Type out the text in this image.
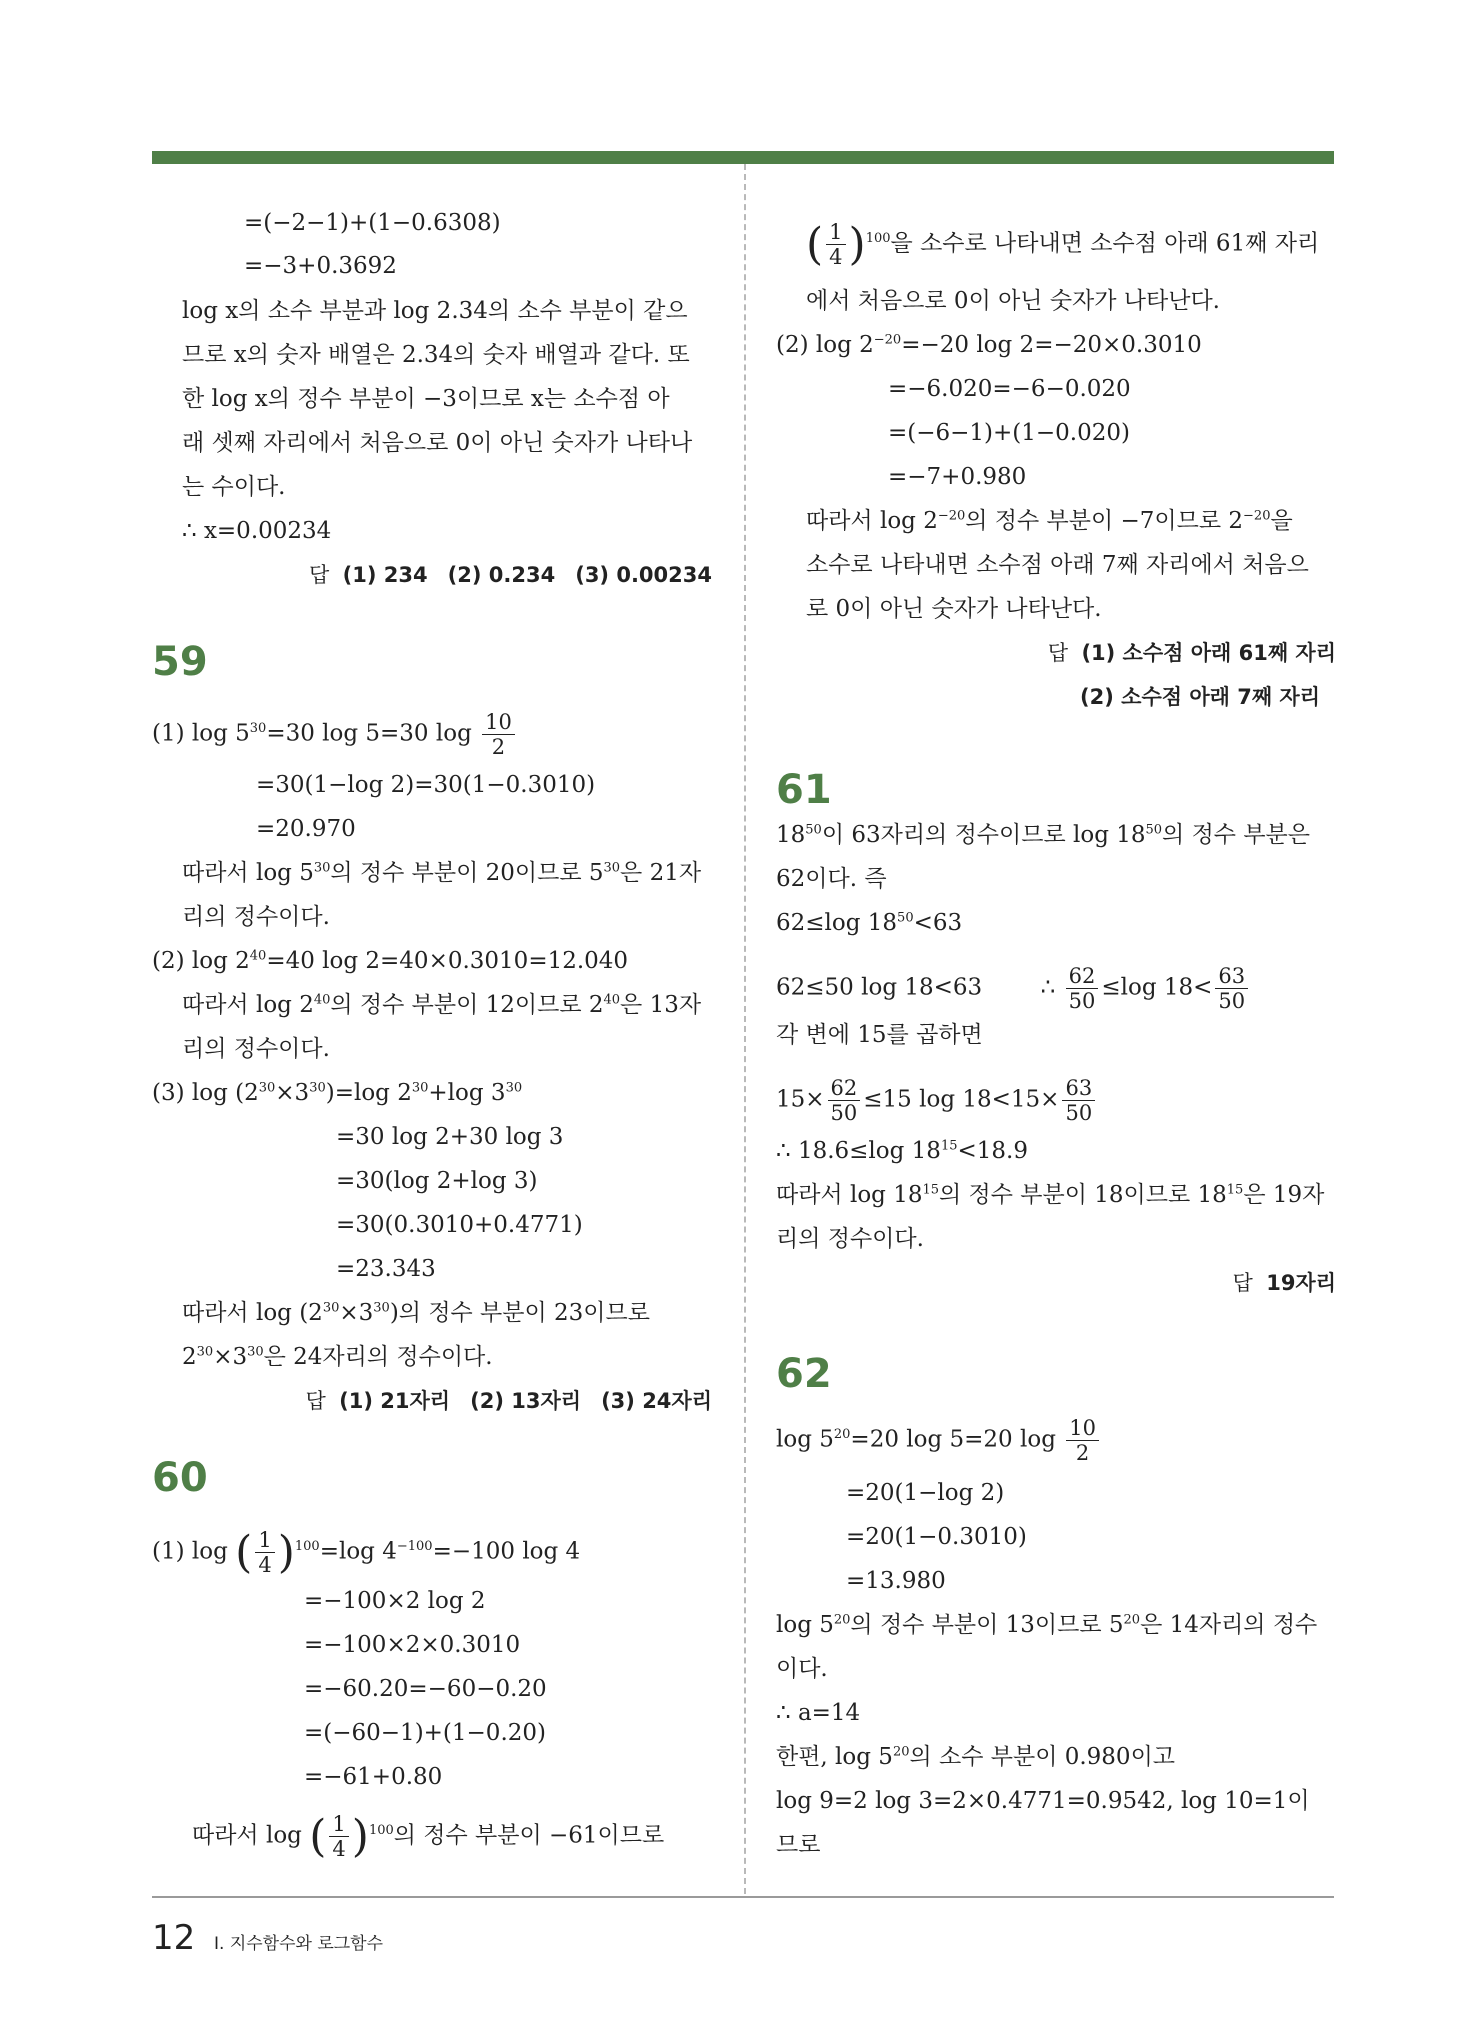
=(−2−1)+(1−0.6308)
=−3+0.3692
log x의 소수 부분과 log 2.34의 소수 부분이 같으
므로 x의 숫자 배열은 2.34의 숫자 배열과 같다. 또
한 log x의 정수 부분이 −3이므로 x는 소수점 아
래 셋째 자리에서 처음으로 0이 아닌 숫자가 나타나
는 수이다.
∴ x=0.00234
답 (1) 234 (2) 0.234 (3) 0.00234
59
(1) $\log 5^{30}=30$ log 5=30 $\log \frac{10}{2}$
=30(1−log 2)=30(1−0.3010)
=20.970
따라서 $\log 5^{30}$의 정수 부분이 20이므로 $5^{30}$은 21자
리의 정수이다.
(2) $\log 2^{40}=40$ log 2=40×0.3010=12.040
따라서 $\log 2^{40}$의 정수 부분이 12이므로 $2^{40}$은 13자
리의 정수이다.
(3) $\log (2^{30}\times 3^{30})=\log$ $2^{30}+\log$ $3^{30}$
=30 log 2+30 log 3
=30(log 2+log 3)
=30(0.3010+0.4771)
=23.343
따라서 $\log (2^{30}\times 3^{30})$의 정수 부분이 23이므로
$2^{30}\times 3^{30}$은 24자리의 정수이다.
답 (1) 21자리 (2) 13자리 (3) 24자리
60
(1) log ( $\frac{1}{4} )^{100}=\log$ $4^{-100}=-100$ log 4
=−100×2 log 2
=−100×2×0.3010
=−60.20=−60−0.20
=(−60−1)+(1−0.20)
=−61+0.80
따라서 log ( $\frac{1}{4} )^{100}$의 정수 부분이 −61이므로
( $\frac{1}{4} )^{100}$을 소수로 나타내면 소수점 아래 61째 자리
에서 처음으로 0이 아닌 숫자가 나타난다.
(2) $\log 2^{-20}=-20$ log 2=−20×0.3010
=−6.020=−6−0.020
=(−6−1)+(1−0.020)
=−7+0.980
따라서 $\log 2^{-20}$의 정수 부분이 −7이므로 $2^{-20}$을
소수로 나타내면 소수점 아래 7째 자리에서 처음으
로 0이 아닌 숫자가 나타난다.
답 (1) 소수점 아래 61째 자리
(2) 소수점 아래 7째 자리
61
$18^{50}$이 63자리의 정수이므로 $\log 18^{50}$의 정수 부분은
62이다. 즉
62≤log $18^{50}<63$
62≤50 log 18<63	∴ $\frac{62}{50} \le\log$ $18< \frac{63}{50}$
각 변에 15를 곱하면
$15\times \frac{62}{50} \le 15$ $\log 18<15\times \frac{63}{50}$
∴ 18.6≤log $18^{15}<18.9$
따라서 $\log 18^{15}$의 정수 부분이 18이므로 $18^{15}$은 19자
리의 정수이다.
답 19자리
62
$\log 5^{20}=20$ log 5=20 $\log \frac{10}{2}$
=20(1−log 2)
=20(1−0.3010)
=13.980
$\log 5^{20}$의 정수 부분이 13이므로 $5^{20}$은 14자리의 정수
이다.
∴ a=14
한편, $\log 5^{20}$의 소수 부분이 0.980이고
log 9=2 log 3=2×0.4771=0.9542, log 10=1이
므로
12 Ⅰ. 지수함수와 로그함수
